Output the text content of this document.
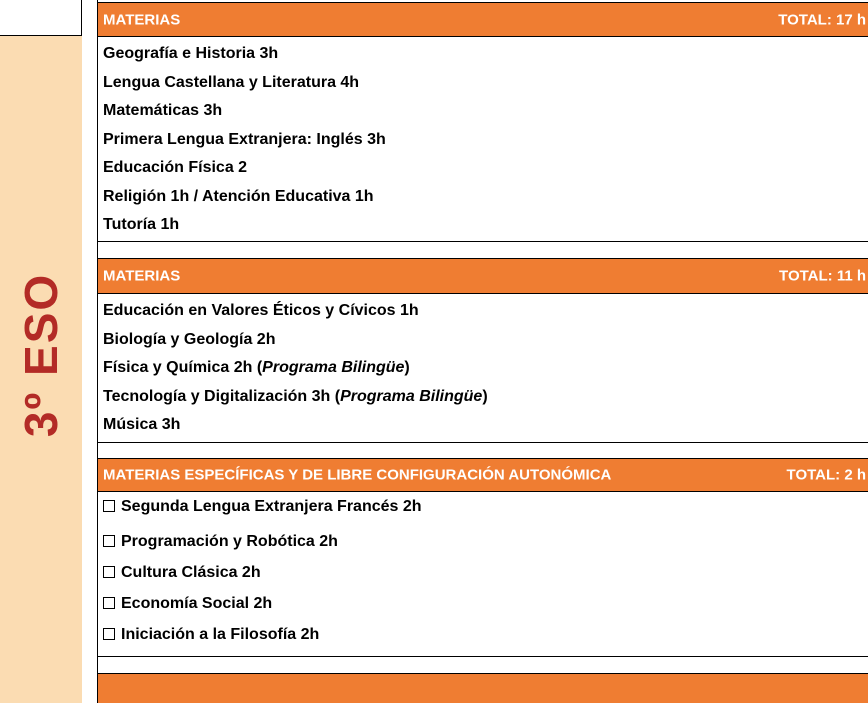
3º ESO
MATERIAS	TOTAL: 17 h
Geografía e Historia 3h
Lengua Castellana y Literatura 4h
Matemáticas 3h
Primera Lengua Extranjera: Inglés 3h
Educación Física 2
Religión 1h / Atención Educativa 1h
Tutoría 1h
MATERIAS	TOTAL: 11 h
Educación en Valores Éticos y Cívicos 1h
Biología y Geología 2h
Física y Química 2h (Programa Bilingüe)
Tecnología y Digitalización 3h (Programa Bilingüe)
Música 3h
MATERIAS ESPECÍFICAS Y DE LIBRE CONFIGURACIÓN AUTONÓMICA	TOTAL: 2 h
Segunda Lengua Extranjera Francés 2h
Programación y Robótica 2h
Cultura Clásica 2h
Economía Social 2h
Iniciación a la Filosofía 2h
